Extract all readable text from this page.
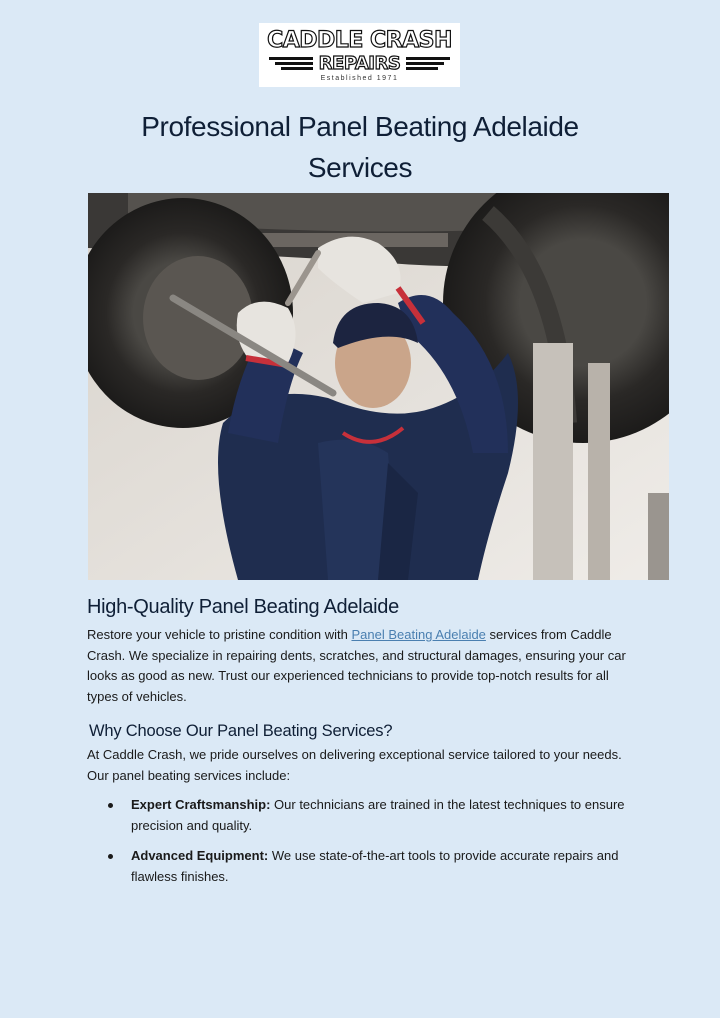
CADDLE CRASH
REPAIRS
Established 1971
Professional Panel Beating Adelaide Services
High-Quality Panel Beating Adelaide

Restore your vehicle to pristine condition with Panel Beating Adelaide services from Caddle Crash. We specialize in repairing dents, scratches, and structural damages, ensuring your car looks as good as new. Trust our experienced technicians to provide top-notch results for all types of vehicles.

Why Choose Our Panel Beating Services?

At Caddle Crash, we pride ourselves on delivering exceptional service tailored to your needs. Our panel beating services include:

Expert Craftsmanship: Our technicians are trained in the latest techniques to ensure precision and quality.
Advanced Equipment: We use state-of-the-art tools to provide accurate repairs and flawless finishes.
